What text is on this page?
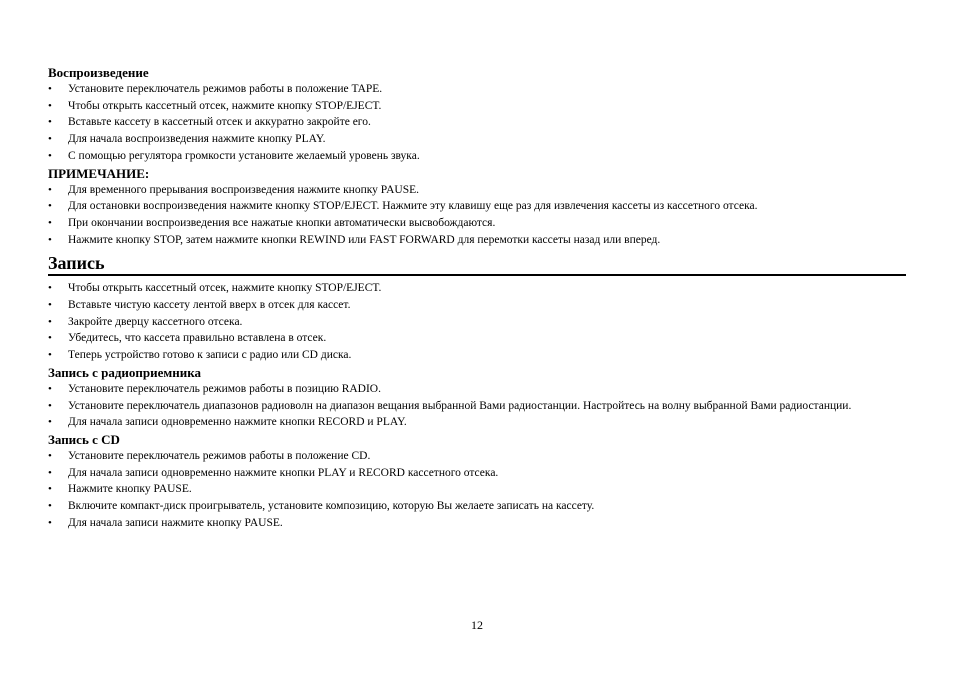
Воспроизведение

•	Установите переключатель режимов работы в положение TAPE.
•	Чтобы открыть кассетный отсек, нажмите кнопку STOP/EJECT.
•	Вставьте кассету в кассетный отсек и аккуратно закройте его.
•	Для начала воспроизведения нажмите кнопку PLAY.
•	С помощью регулятора громкости установите желаемый уровень звука.

ПРИМЕЧАНИЕ:

•	Для временного прерывания воспроизведения нажмите кнопку PAUSE.
•	Для остановки воспроизведения нажмите кнопку STOP/EJECT. Нажмите эту клавишу еще раз для извлечения кассеты из кассетного отсека.
•	При окончании воспроизведения все нажатые кнопки автоматически высвобождаются.
•	Нажмите кнопку STOP, затем нажмите кнопки REWIND или FAST FORWARD для перемотки кассеты назад или вперед.

Запись

•	Чтобы открыть кассетный отсек, нажмите кнопку STOP/EJECT.
•	Вставьте чистую кассету лентой вверх в отсек для кассет.
•	Закройте дверцу кассетного отсека.
•	Убедитесь, что кассета правильно вставлена в отсек.
•	Теперь устройство готово к записи с радио или CD диска.

Запись с радиоприемника

•	Установите переключатель режимов работы в позицию RADIO.
•	Установите переключатель диапазонов радиоволн на диапазон вещания выбранной Вами радиостанции. Настройтесь на волну выбранной Вами радиостанции.
•	Для начала записи одновременно нажмите кнопки RECORD и PLAY.

Запись с CD

•	Установите переключатель режимов работы в положение CD.
•	Для начала записи одновременно нажмите кнопки PLAY и RECORD кассетного отсека.
•	Нажмите кнопку PAUSE.
•	Включите компакт-диск проигрыватель, установите композицию, которую Вы желаете записать на кассету.
•	Для начала записи нажмите кнопку PAUSE.
12
